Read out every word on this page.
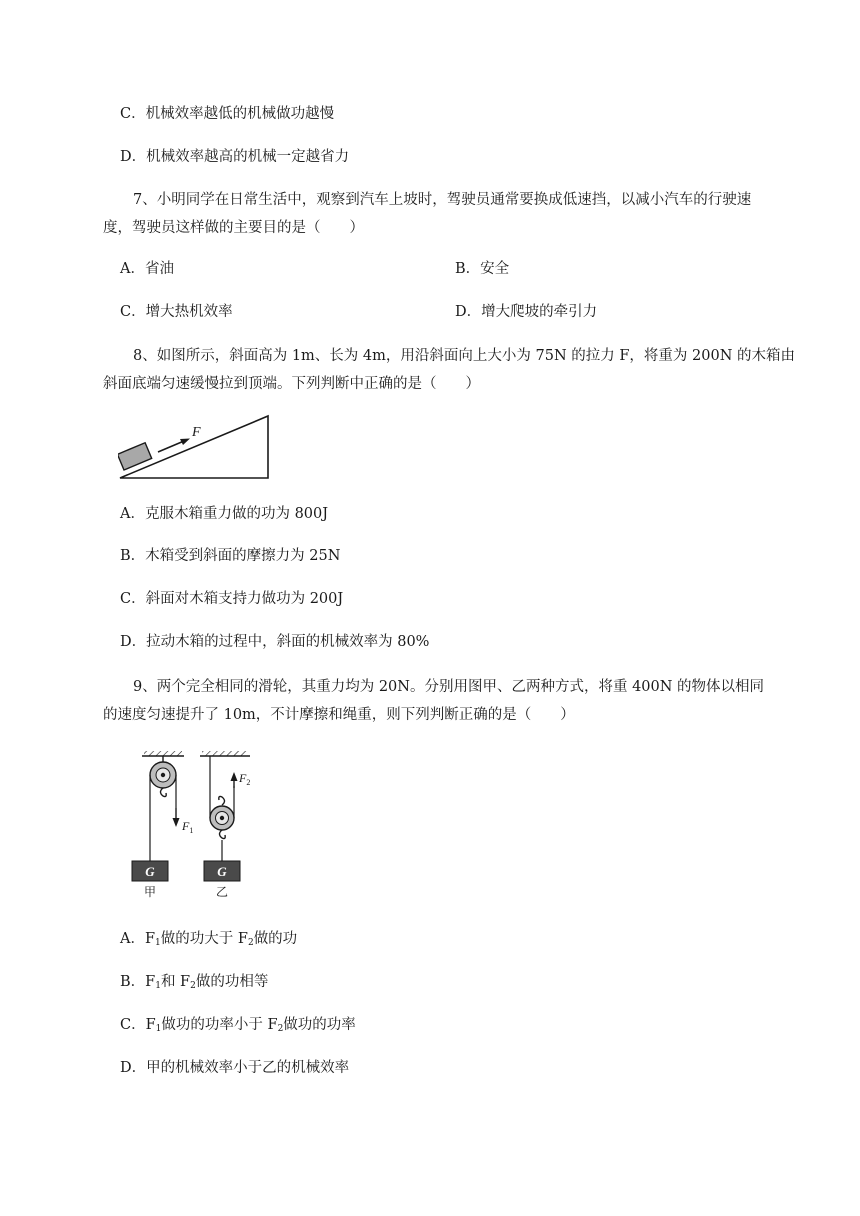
C．机械效率越低的机械做功越慢
D．机械效率越高的机械一定越省力
7、小明同学在日常生活中，观察到汽车上坡时，驾驶员通常要换成低速挡，以减小汽车的行驶速
度，驾驶员这样做的主要目的是（　　）
A．省油	B．安全
C．增大热机效率	D．增大爬坡的牵引力
8、如图所示，斜面高为 1m、长为 4m，用沿斜面向上大小为 75N 的拉力 F，将重为 200N 的木箱由
斜面底端匀速缓慢拉到顶端。下列判断中正确的是（　　）
F
A．克服木箱重力做的功为 800J
B．木箱受到斜面的摩擦力为 25N
C．斜面对木箱支持力做功为 200J
D．拉动木箱的过程中，斜面的机械效率为 80%
9、两个完全相同的滑轮，其重力均为 20N。分别用图甲、乙两种方式，将重 400N 的物体以相同
的速度匀速提升了 10m，不计摩擦和绳重，则下列判断正确的是（　　）
$F_1$
G
甲
$F_2$
G
乙
A．$F_1$做的功大于 $F_2$做的功
B．$F_1$和 $F_2$做的功相等
C．$F_1$做功的功率小于 $F_2$做功的功率
D．甲的机械效率小于乙的机械效率
